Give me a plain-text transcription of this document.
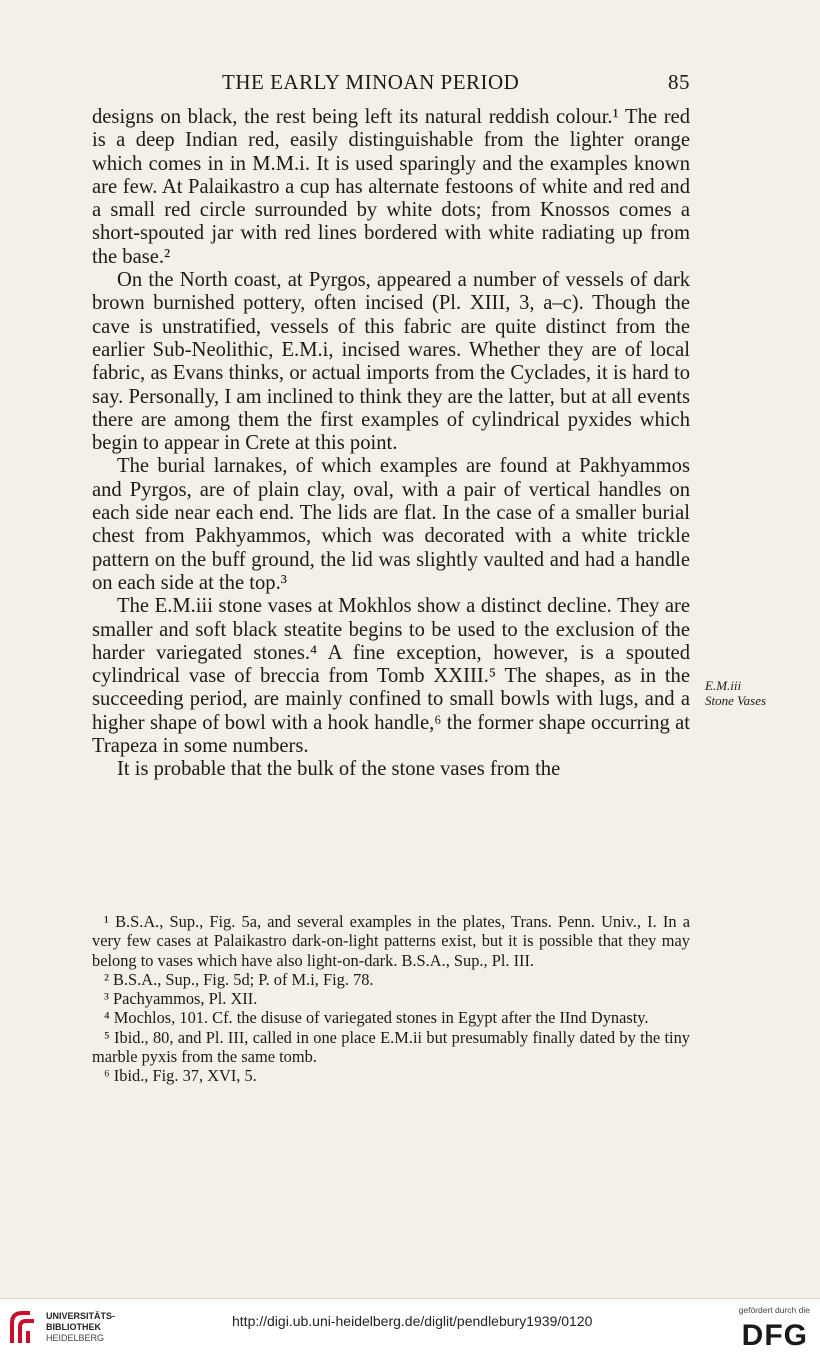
THE EARLY MINOAN PERIOD	85

designs on black, the rest being left its natural reddish colour.¹ The red is a deep Indian red, easily distinguishable from the lighter orange which comes in in M.M.i. It is used sparingly and the examples known are few. At Palaikastro a cup has alternate festoons of white and red and a small red circle surrounded by white dots; from Knossos comes a short-spouted jar with red lines bordered with white radiating up from the base.²

On the North coast, at Pyrgos, appeared a number of vessels of dark brown burnished pottery, often incised (Pl. XIII, 3, a–c). Though the cave is unstratified, vessels of this fabric are quite distinct from the earlier Sub-Neolithic, E.M.i, incised wares. Whether they are of local fabric, as Evans thinks, or actual imports from the Cyclades, it is hard to say. Personally, I am inclined to think they are the latter, but at all events there are among them the first examples of cylindrical pyxides which begin to appear in Crete at this point.

The burial larnakes, of which examples are found at Pakhyammos and Pyrgos, are of plain clay, oval, with a pair of vertical handles on each side near each end. The lids are flat. In the case of a smaller burial chest from Pakhyammos, which was decorated with a white trickle pattern on the buff ground, the lid was slightly vaulted and had a handle on each side at the top.³

The E.M.iii stone vases at Mokhlos show a distinct decline. They are smaller and soft black steatite begins to be used to the exclusion of the harder variegated stones.⁴ A fine exception, however, is a spouted cylindrical vase of breccia from Tomb XXIII.⁵ The shapes, as in the succeeding period, are mainly confined to small bowls with lugs, and a higher shape of bowl with a hook handle,⁶ the former shape occurring at Trapeza in some numbers.

It is probable that the bulk of the stone vases from the

E.M.iii
Stone Vases

¹ B.S.A., Sup., Fig. 5a, and several examples in the plates, Trans. Penn. Univ., I. In a very few cases at Palaikastro dark-on-light patterns exist, but it is possible that they may belong to vases which have also light-on-dark. B.S.A., Sup., Pl. III.

² B.S.A., Sup., Fig. 5d; P. of M.i, Fig. 78.

³ Pachyammos, Pl. XII.

⁴ Mochlos, 101. Cf. the disuse of variegated stones in Egypt after the IInd Dynasty.

⁵ Ibid., 80, and Pl. III, called in one place E.M.ii but presumably finally dated by the tiny marble pyxis from the same tomb.

⁶ Ibid., Fig. 37, XVI, 5.

UNIVERSITÄTS-
BIBLIOTHEK
HEIDELBERG
http://digi.ub.uni-heidelberg.de/diglit/pendlebury1939/0120
gefördert durch die
DFG
